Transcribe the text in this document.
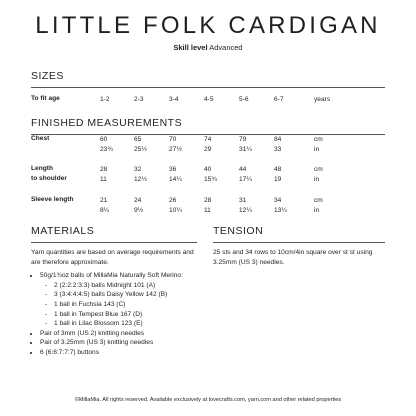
LITTLE FOLK CARDIGAN
Skill level Advanced
SIZES
To fit age	1-2	2-3	3-4	4-5	5-6	6-7	years
FINISHED MEASUREMENTS
Chest	60	65	70	74	79	84	cm
23¾	25½	27½	29	31¼	33	in
Length
to shoulder
28	32	36	40	44	48	cm
11	12½	14¼	15¾	17¼	19	in
Sleeve length	21	24	26	28	31	34	cm
8¼	9½	10¼	11	12¼	13¼	in
MATERIALS

Yarn quantities are based on average requirements and are therefore approximate.

• 50g/1¾oz balls of MillaMia Naturally Soft Merino:
- 2 (2:2:2:3:3) balls Midnight 101 (A)
- 3 (3:4:4:4:5) balls Daisy Yellow 142 (B)
- 1 ball in Fuchsia 143 (C)
- 1 ball in Tempest Blue 167 (D)
- 1 ball in Lilac Blossom 123 (E)
• Pair of 3mm (US 2) knitting needles
• Pair of 3.25mm (US 3) knitting needles
• 6 (6:6:7:7:7) buttons
TENSION

25 sts and 34 rows to 10cm/4in square over st st using 3.25mm (US 3) needles.

©MillaMia. All rights reserved. Available exclusively at lovecrafts.com, yarn.com and other related properties
